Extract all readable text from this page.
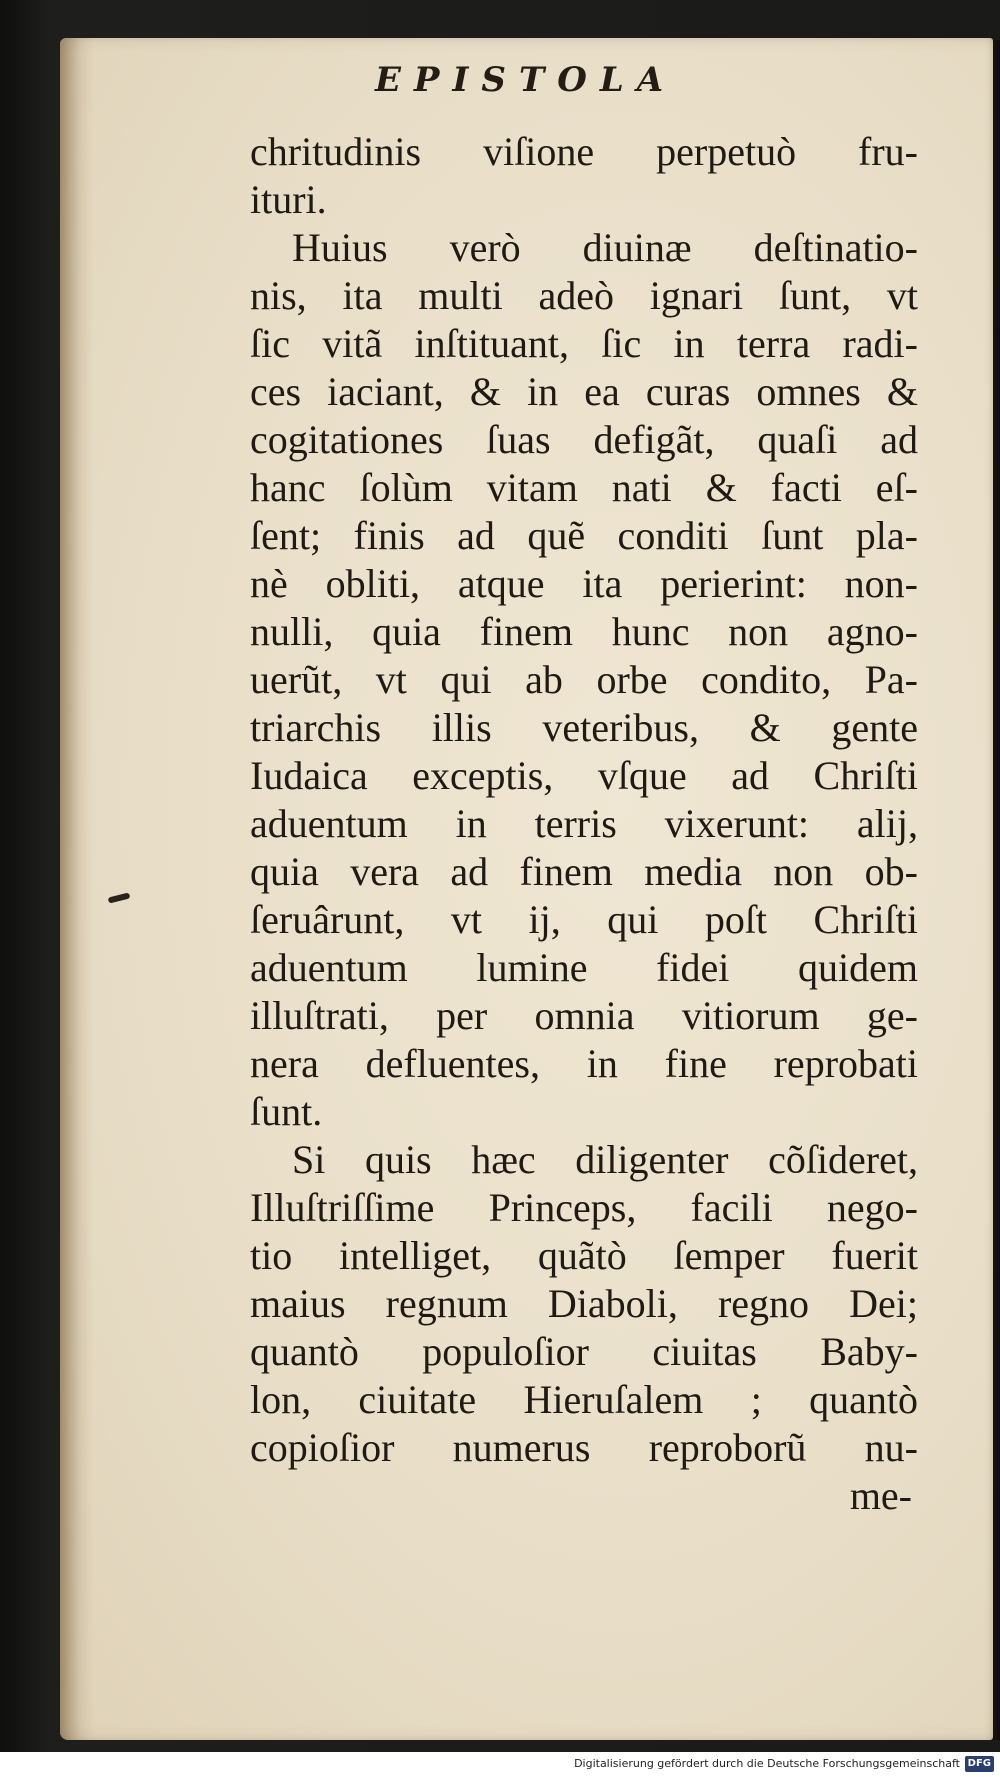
EPISTOLA
chritudinis viſione perpetuò fru-
ituri.
Huius verò diuinæ deſtinatio-
nis, ita multi adeò ignari ſunt, vt
ſic vitã inſtituant, ſic in terra radi-
ces iaciant, & in ea curas omnes &
cogitationes ſuas defigãt, quaſi ad
hanc ſolùm vitam nati & facti eſ-
ſent; finis ad quẽ conditi ſunt pla-
nè obliti, atque ita perierint: non-
nulli, quia finem hunc non agno-
uerũt, vt qui ab orbe condito, Pa-
triarchis illis veteribus, & gente
Iudaica exceptis, vſque ad Chriſti
aduentum in terris vixerunt: alij,
quia vera ad finem media non ob-
ſeruârunt, vt ij, qui poſt Chriſti
aduentum lumine fidei quidem
illuſtrati, per omnia vitiorum ge-
nera defluentes, in fine reprobati
ſunt.
Si quis hæc diligenter cõſideret,
Illuſtriſſime Princeps, facili nego-
tio intelliget, quãtò ſemper fuerit
maius regnum Diaboli, regno Dei;
quantò populoſior ciuitas Baby-
lon, ciuitate Hieruſalem ; quantò
copioſior numerus reproborũ nu-
me-
Digitalisierung gefördert durch die Deutsche Forschungsgemeinschaft DFG
